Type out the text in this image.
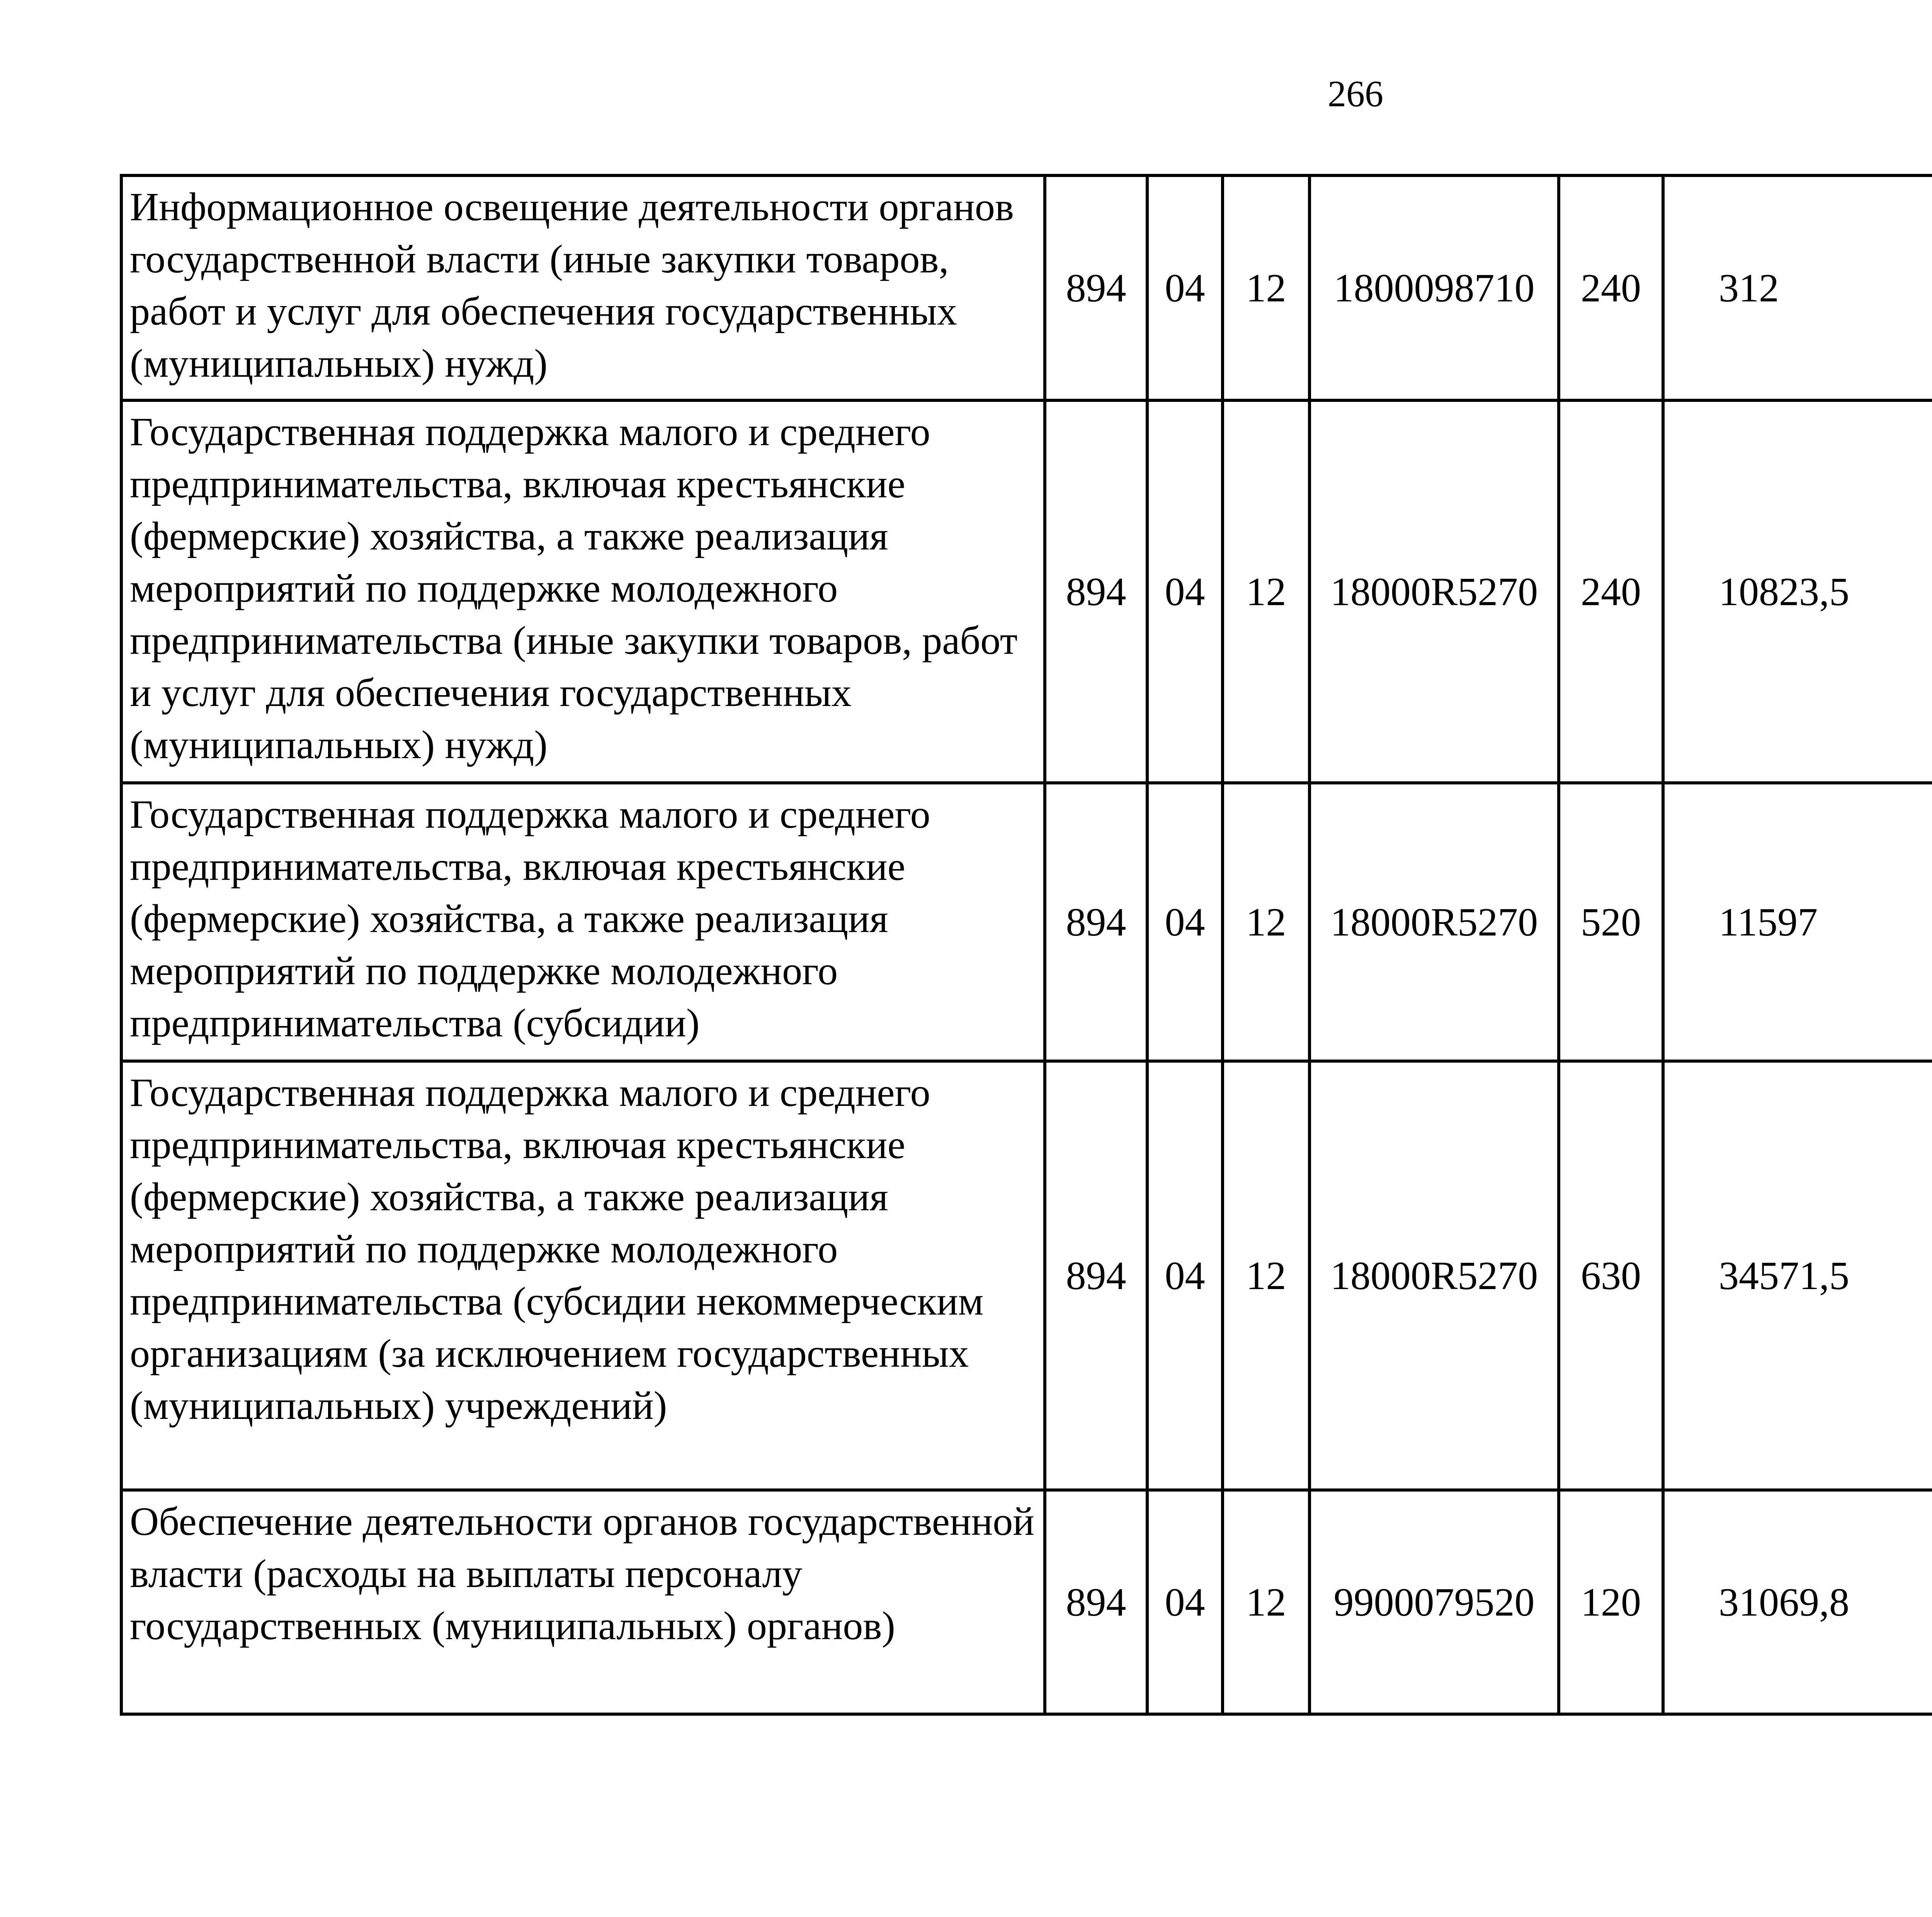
266
Информационное освещение деятельности органов государственной власти (иные закупки товаров, работ и услуг для обеспечения государственных (муниципальных) нужд)	894	04	12	1800098710	240	312		
Государственная поддержка малого и среднего предпринимательства, включая крестьянские (фермерские) хозяйства, а также реализация мероприятий по поддержке молодежного предпринимательства (иные закупки товаров, работ и услуг для обеспечения государственных (муниципальных) нужд)	894	04	12	18000R5270	240	10823,5		
Государственная поддержка малого и среднего предпринимательства, включая крестьянские (фермерские) хозяйства, а также реализация мероприятий по поддержке молодежного предпринимательства (субсидии)	894	04	12	18000R5270	520	11597		
Государственная поддержка малого и среднего предпринимательства, включая крестьянские (фермерские) хозяйства, а также реализация мероприятий по поддержке молодежного предпринимательства (субсидии некоммерческим организациям (за исключением государственных (муниципальных) учреждений)	894	04	12	18000R5270	630	34571,5		
Обеспечение деятельности органов государственной власти (расходы на выплаты персоналу государственных (муниципальных) органов)	894	04	12	9900079520	120	31069,8		
